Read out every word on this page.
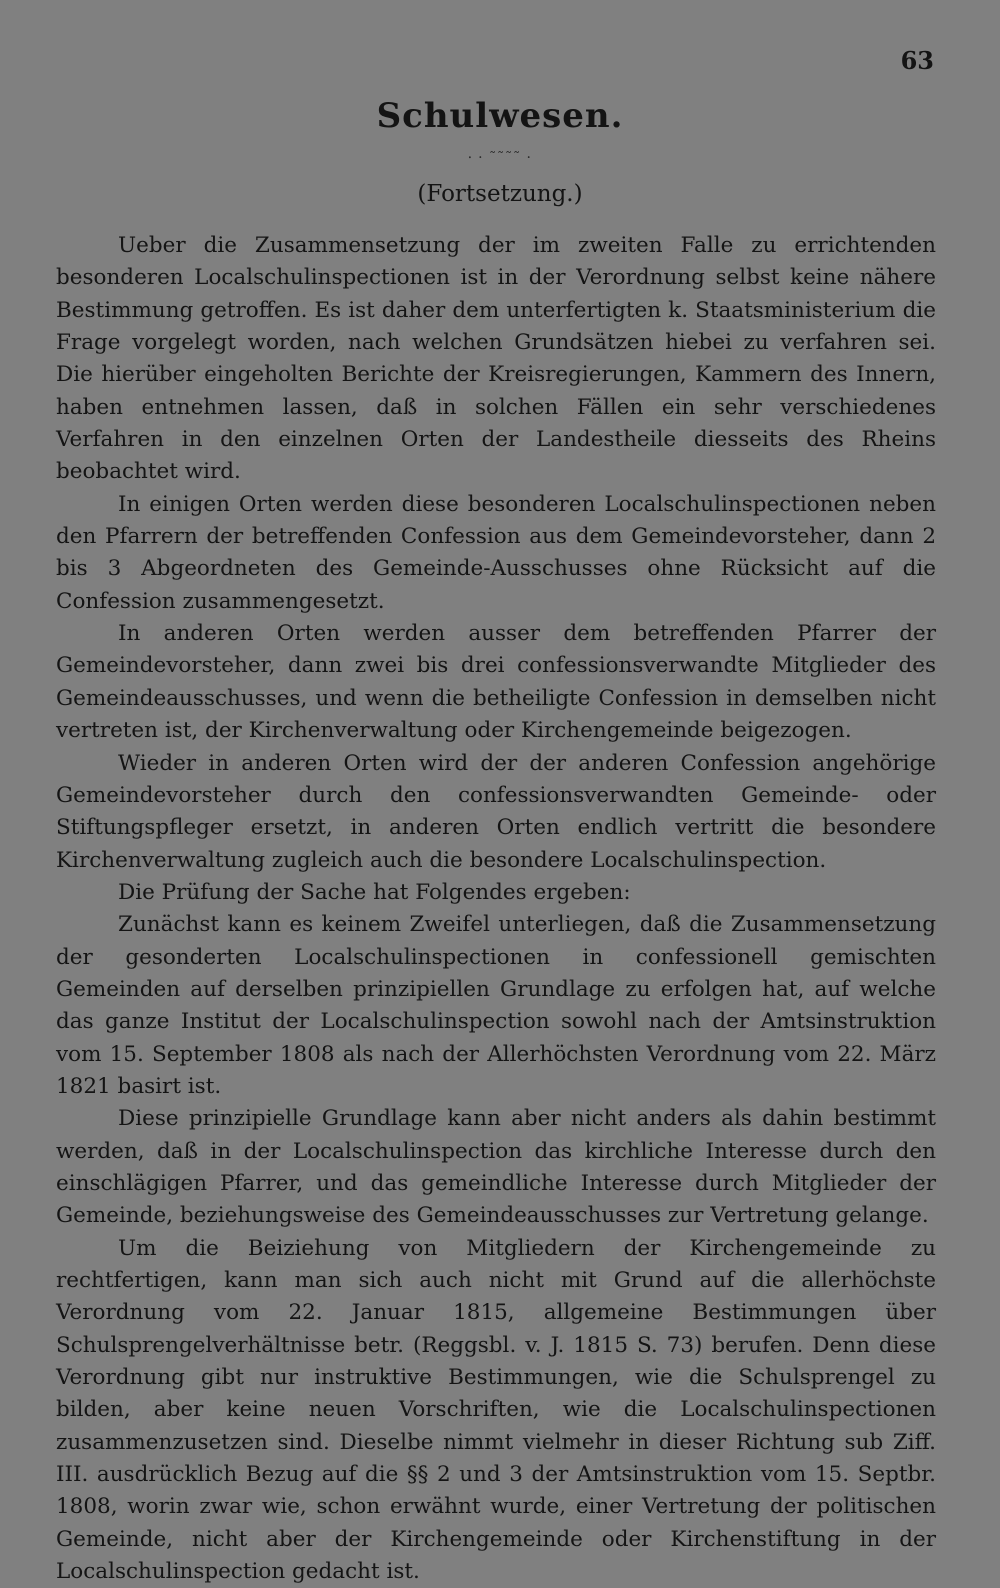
63
Schulwesen.
⸱ · ˜˜˜˜ ·
(Fortsetzung.)

Ueber die Zusammensetzung der im zweiten Falle zu errichtenden besonderen Localschulinspectionen ist in der Verordnung selbst keine nähere Bestimmung getroffen. Es ist daher dem unterfertigten k. Staatsministerium die Frage vorgelegt worden, nach welchen Grundsätzen hiebei zu verfahren sei. Die hierüber eingeholten Berichte der Kreisregierungen, Kammern des Innern, haben entnehmen lassen, daß in solchen Fällen ein sehr verschiedenes Verfahren in den einzelnen Orten der Landestheile diesseits des Rheins beobachtet wird.

In einigen Orten werden diese besonderen Localschulinspectionen neben den Pfarrern der betreffenden Confession aus dem Gemeindevorsteher, dann 2 bis 3 Abgeordneten des Gemeinde-Ausschusses ohne Rücksicht auf die Confession zusammengesetzt.

In anderen Orten werden ausser dem betreffenden Pfarrer der Gemeindevorsteher, dann zwei bis drei confessionsverwandte Mitglieder des Gemeindeausschusses, und wenn die betheiligte Confession in demselben nicht vertreten ist, der Kirchenverwaltung oder Kirchengemeinde beigezogen.

Wieder in anderen Orten wird der der anderen Confession angehörige Gemeindevorsteher durch den confessionsverwandten Gemeinde- oder Stiftungspfleger ersetzt, in anderen Orten endlich vertritt die besondere Kirchenverwaltung zugleich auch die besondere Localschulinspection.

Die Prüfung der Sache hat Folgendes ergeben:

Zunächst kann es keinem Zweifel unterliegen, daß die Zusammensetzung der gesonderten Localschulinspectionen in confessionell gemischten Gemeinden auf derselben prinzipiellen Grundlage zu erfolgen hat, auf welche das ganze Institut der Localschulinspection sowohl nach der Amtsinstruktion vom 15. September 1808 als nach der Allerhöchsten Verordnung vom 22. März 1821 basirt ist.

Diese prinzipielle Grundlage kann aber nicht anders als dahin bestimmt werden, daß in der Localschulinspection das kirchliche Interesse durch den einschlägigen Pfarrer, und das gemeindliche Interesse durch Mitglieder der Gemeinde, beziehungsweise des Gemeindeausschusses zur Vertretung gelange.

Um die Beiziehung von Mitgliedern der Kirchengemeinde zu rechtfertigen, kann man sich auch nicht mit Grund auf die allerhöchste Verordnung vom 22. Januar 1815, allgemeine Bestimmungen über Schulsprengelverhältnisse betr. (Reggsbl. v. J. 1815 S. 73) berufen. Denn diese Verordnung gibt nur instruktive Bestimmungen, wie die Schulsprengel zu bilden, aber keine neuen Vorschriften, wie die Localschulinspectionen zusammenzusetzen sind. Dieselbe nimmt vielmehr in dieser Richtung sub Ziff. III. ausdrücklich Bezug auf die §§ 2 und 3 der Amtsinstruktion vom 15. Septbr. 1808, worin zwar wie, schon erwähnt wurde, einer Vertretung der politischen Gemeinde, nicht aber der Kirchengemeinde oder Kirchenstiftung in der Localschulinspection gedacht ist.
